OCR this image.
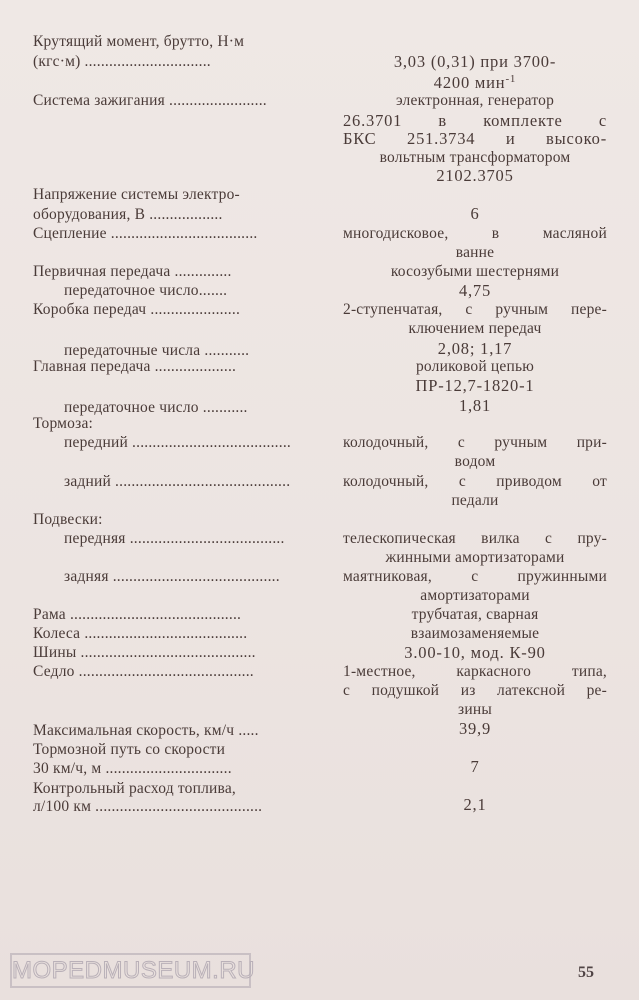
Крутящий момент, брутто, Н·м
(кгс·м) ...............................	3,03 (0,31) при 3700-
4200 мин$^{-1}$
Система зажигания ........................	электронная, генератор
26.3701 в комплекте с
БКС 251.3734 и высоко-
вольтным трансформатором
2102.3705
Напряжение системы электро-
оборудования, В ..................	6
Сцепление ....................................	многодисковое, в масляной
ванне
Первичная передача ..............	косозубыми шестернями
передаточное число.......	4,75
Коробка передач ......................	2-ступенчатая, с ручным пере-
ключением передач
передаточные числа ...........	2,08; 1,17
Главная передача ....................	роликовой цепью
ПР-12,7-1820-1
передаточное число ...........	1,81
Тормоза:
передний .......................................	колодочный, с ручным при-
водом
задний ...........................................	колодочный, с приводом от
педали
Подвески:
передняя ......................................	телескопическая вилка с пру-
жинными амортизаторами
задняя .........................................	маятниковая, с пружинными
амортизаторами
Рама ..........................................	трубчатая, сварная
Колеса ........................................	взаимозаменяемые
Шины ...........................................	3.00-10, мод. К-90
Седло ...........................................	1-местное, каркасного типа,
с подушкой из латексной ре-
зины
Максимальная скорость, км/ч .....	39,9
Тормозной путь со скорости
30 км/ч, м ...............................	7
Контрольный расход топлива,
л/100 км .........................................	2,1
MOPEDMUSEUM.RU	55
